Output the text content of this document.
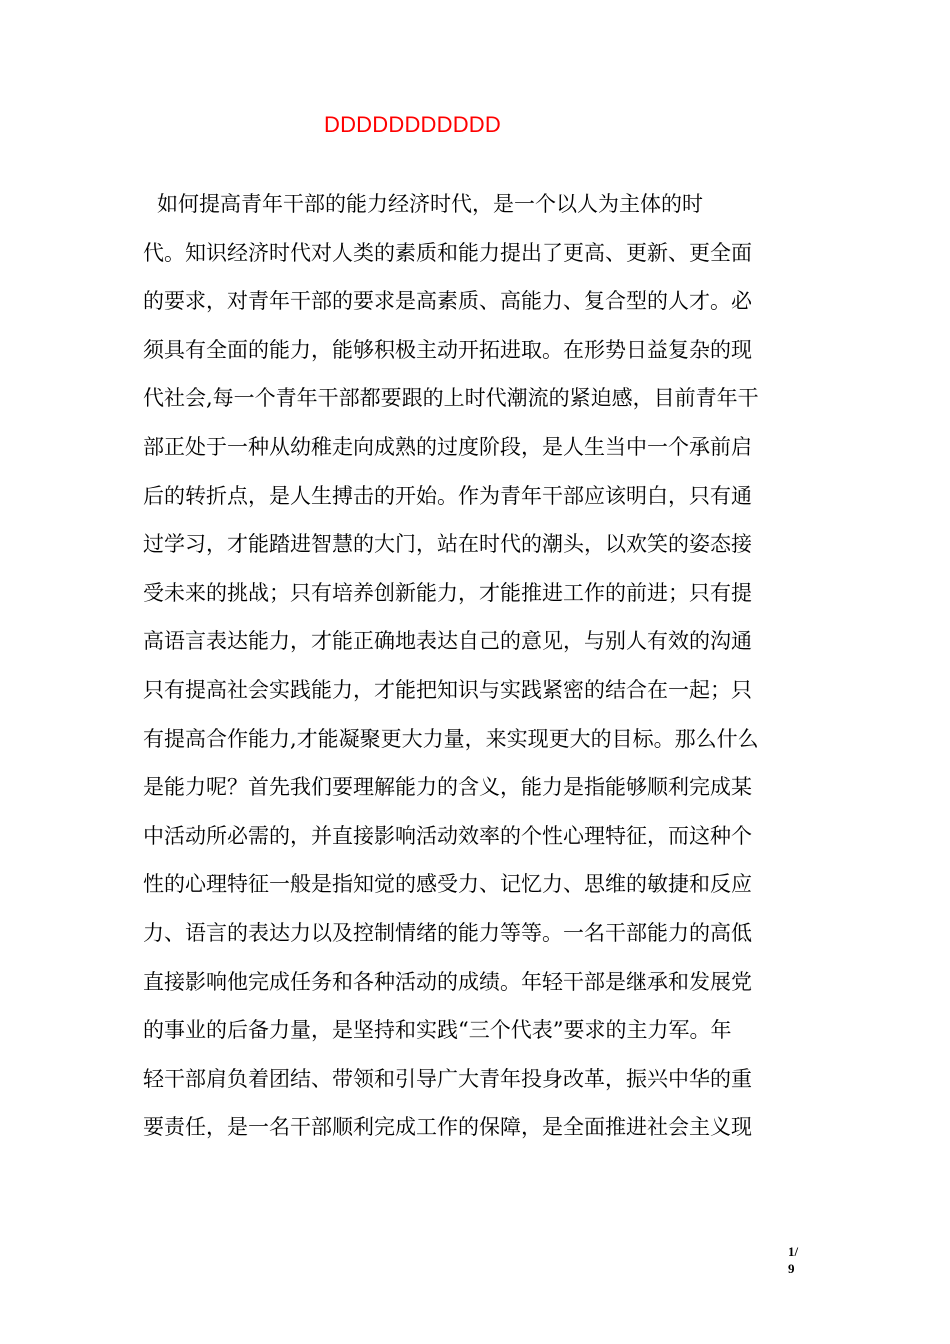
DDDDDDDDDDD
如何提高青年干部的能力经济时代，是一个以人为主体的时
代。知识经济时代对人类的素质和能力提出了更高、更新、更全面
的要求，对青年干部的要求是高素质、高能力、复合型的人才。必
须具有全面的能力，能够积极主动开拓进取。在形势日益复杂的现
代社会,每一个青年干部都要跟的上时代潮流的紧迫感，目前青年干
部正处于一种从幼稚走向成熟的过度阶段，是人生当中一个承前启
后的转折点，是人生搏击的开始。作为青年干部应该明白，只有通
过学习，才能踏进智慧的大门，站在时代的潮头，以欢笑的姿态接
受未来的挑战；只有培养创新能力，才能推进工作的前进；只有提
高语言表达能力，才能正确地表达自己的意见，与别人有效的沟通
只有提高社会实践能力，才能把知识与实践紧密的结合在一起；只
有提高合作能力,才能凝聚更大力量，来实现更大的目标。那么什么
是能力呢？首先我们要理解能力的含义，能力是指能够顺利完成某
中活动所必需的，并直接影响活动效率的个性心理特征，而这种个
性的心理特征一般是指知觉的感受力、记忆力、思维的敏捷和反应
力、语言的表达力以及控制情绪的能力等等。一名干部能力的高低
直接影响他完成任务和各种活动的成绩。年轻干部是继承和发展党
的事业的后备力量，是坚持和实践“三个代表”要求的主力军。年
轻干部肩负着团结、带领和引导广大青年投身改革，振兴中华的重
要责任，是一名干部顺利完成工作的保障，是全面推进社会主义现
1/
9
